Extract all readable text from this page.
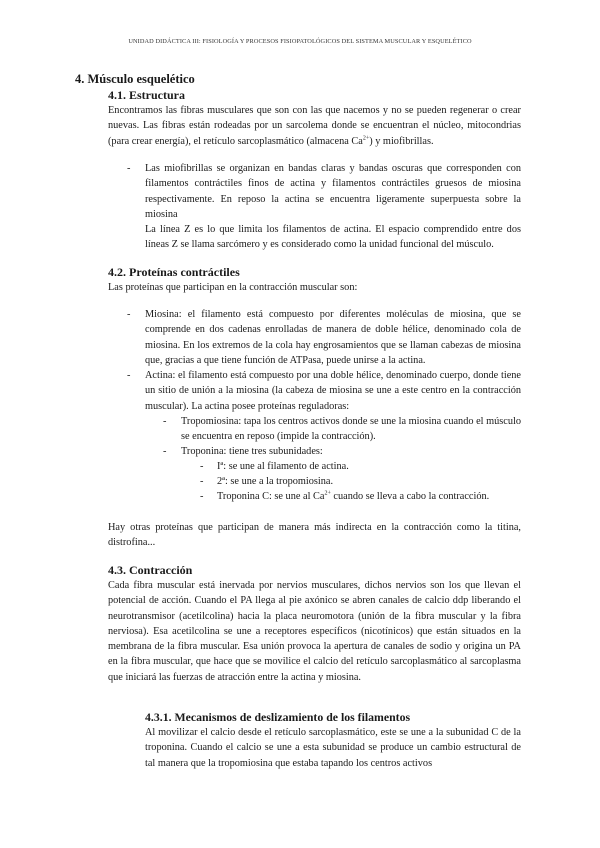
UNIDAD DIDÁCTICA III: FISIOLOGÍA Y PROCESOS FISIOPATOLÓGICOS DEL SISTEMA MUSCULAR Y ESQUELÉTICO
4. Músculo esquelético
4.1. Estructura
Encontramos las fibras musculares que son con las que nacemos y no se pueden regenerar o crear nuevas. Las fibras están rodeadas por un sarcolema donde se encuentran el núcleo, mitocondrias (para crear energía), el retículo sarcoplasmático (almacena $Ca^{2+}$) y miofibrillas.
- Las miofibrillas se organizan en bandas claras y bandas oscuras que corresponden con filamentos contráctiles finos de actina y filamentos contráctiles gruesos de miosina respectivamente. En reposo la actina se encuentra ligeramente superpuesta sobre la miosina
La línea Z es lo que limita los filamentos de actina. El espacio comprendido entre dos líneas Z se llama sarcómero y es considerado como la unidad funcional del músculo.
4.2. Proteínas contráctiles
Las proteínas que participan en la contracción muscular son:
- Miosina: el filamento está compuesto por diferentes moléculas de miosina, que se comprende en dos cadenas enrolladas de manera de doble hélice, denominado cola de miosina. En los extremos de la cola hay engrosamientos que se llaman cabezas de miosina que, gracias a que tiene función de ATPasa, puede unirse a la actina.
- Actina: el filamento está compuesto por una doble hélice, denominado cuerpo, donde tiene un sitio de unión a la miosina (la cabeza de miosina se une a este centro en la contracción muscular). La actina posee proteínas reguladoras:
- Tropomiosina: tapa los centros activos donde se une la miosina cuando el músculo se encuentra en reposo (impide la contracción).
- Troponina: tiene tres subunidades:
- Iª: se une al filamento de actina.
- 2ª: se une a la tropomiosina.
- Troponina C: se une al $Ca^{2+}$ cuando se lleva a cabo la contracción.
Hay otras proteínas que participan de manera más indirecta en la contracción como la titina, distrofina...
4.3. Contracción
Cada fibra muscular está inervada por nervios musculares, dichos nervios son los que llevan el potencial de acción. Cuando el PA llega al pie axónico se abren canales de calcio ddp liberando el neurotransmisor (acetilcolina) hacia la placa neuromotora (unión de la fibra muscular y la fibra nerviosa). Esa acetilcolina se une a receptores específicos (nicotínicos) que están situados en la membrana de la fibra muscular. Esa unión provoca la apertura de canales de sodio y origina un PA en la fibra muscular, que hace que se movilice el calcio del retículo sarcoplasmático al sarcoplasma que iniciará las fuerzas de atracción entre la actina y miosina.
4.3.1. Mecanismos de deslizamiento de los filamentos
Al movilizar el calcio desde el retículo sarcoplasmático, este se une a la subunidad C de la troponina. Cuando el calcio se une a esta subunidad se produce un cambio estructural de tal manera que la tropomiosina que estaba tapando los centros activos
